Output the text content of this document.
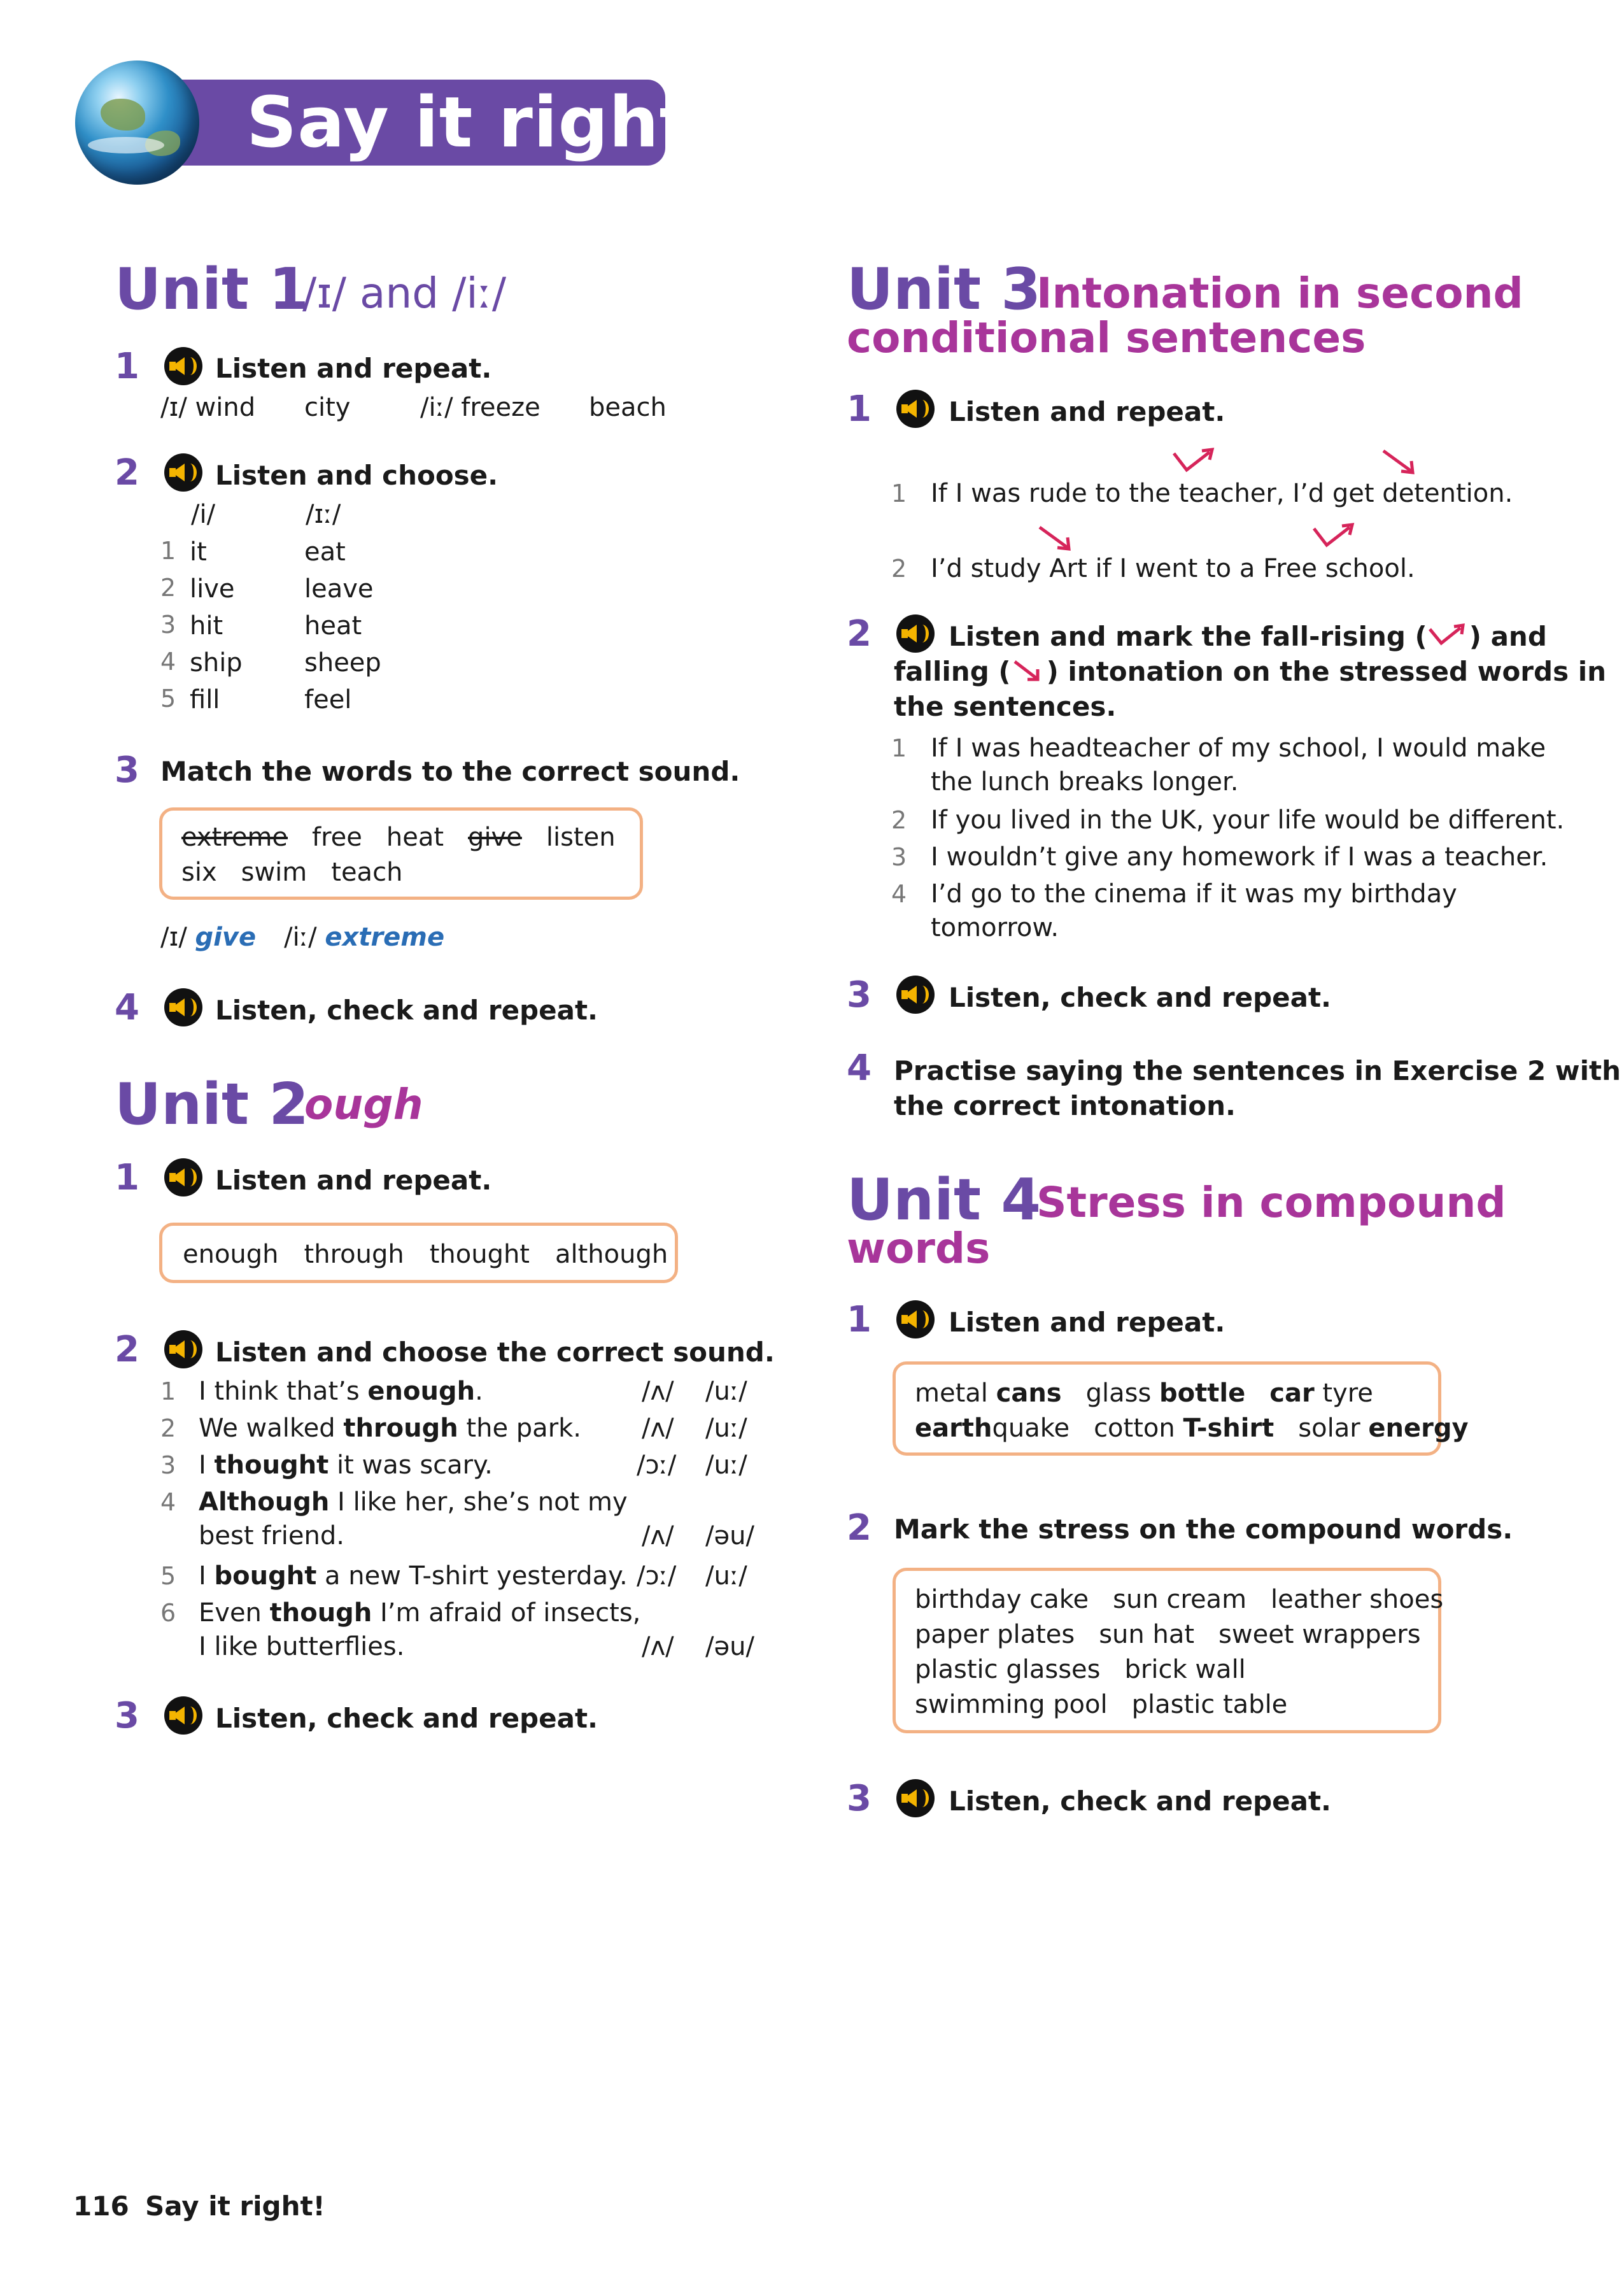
Say it right!
Unit 1
/ɪ/ and /iː/
1	Listen and repeat.
/ɪ/ wind city	/iː/ freeze beach
2	Listen and choose.
/i/	/ɪː/
1 it	eat
2 live	leave
3 hit	heat
4 ship sheep
5 fill	feel
3 Match the words to the correct sound.
extreme free heat give listen
six swim teach
/ɪ/ give /iː/ extreme
4	Listen, check and repeat.
Unit 2
ough
1	Listen and repeat.
enough through thought although
2	Listen and choose the correct sound.
1 I think that’s enough.	/ʌ/ /uː/
2 We walked through the park. /ʌ/ /uː/
3 I thought it was scary.	/ɔː/ /uː/
4 Although I like her, she’s not my
best friend.	/ʌ/ /əu/
5 I bought a new T-shirt yesterday. /ɔː/ /uː/
6 Even though I’m afraid of insects,
I like butterflies.	/ʌ/ /əu/
3	Listen, check and repeat.
Unit 3
Intonation in second
conditional sentences
1	Listen and repeat.
1 If I was rude to the teacher, I’d get detention.
2 I’d study Art if I went to a Free school.
2	Listen and mark the fall-rising ( ) and
falling ( ) intonation on the stressed words in
the sentences.
1 If I was headteacher of my school, I would make
the lunch breaks longer.
2 If you lived in the UK, your life would be different.
3 I wouldn’t give any homework if I was a teacher.
4 I’d go to the cinema if it was my birthday
tomorrow.
3	Listen, check and repeat.
4 Practise saying the sentences in Exercise 2 with
the correct intonation.
Unit 4
Stress in compound
words
1	Listen and repeat.
metal cans glass bottle car tyre
earthquake cotton T-shirt solar energy
2 Mark the stress on the compound words.
birthday cake sun cream leather shoes
paper plates sun hat sweet wrappers
plastic glasses brick wall
swimming pool plastic table
3	Listen, check and repeat.
116 Say it right!
